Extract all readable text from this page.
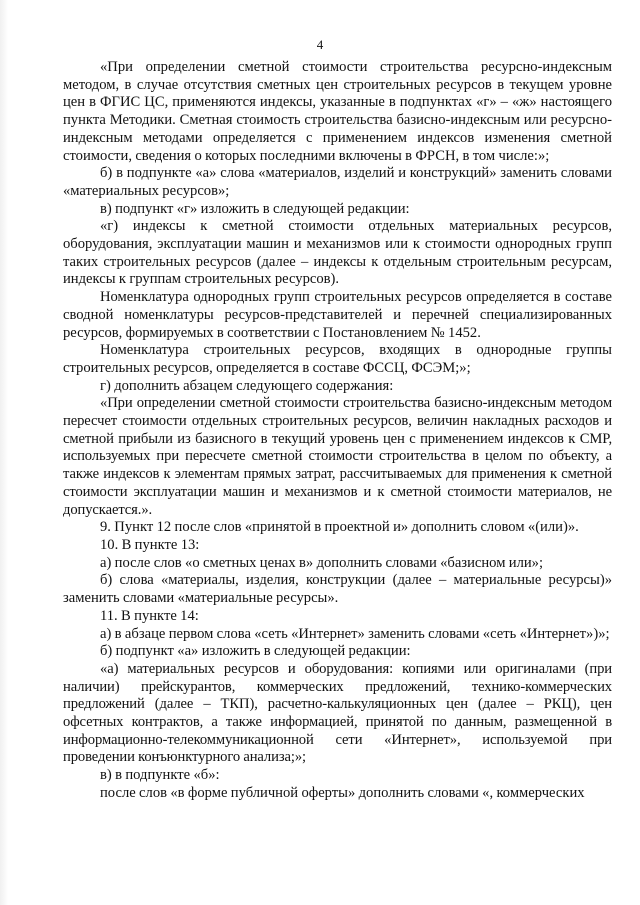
4

«При определении сметной стоимости строительства ресурсно-индексным методом, в случае отсутствия сметных цен строительных ресурсов в текущем уровне цен в ФГИС ЦС, применяются индексы, указанные в подпунктах «г» – «ж» настоящего пункта Методики. Сметная стоимость строительства базисно-индексным или ресурсно-индексным методами определяется с применением индексов изменения сметной стоимости, сведения о которых последними включены в ФРСН, в том числе:»;

б) в подпункте «а» слова «материалов, изделий и конструкций» заменить словами «материальных ресурсов»;

в) подпункт «г» изложить в следующей редакции:

«г) индексы к сметной стоимости отдельных материальных ресурсов, оборудования, эксплуатации машин и механизмов или к стоимости однородных групп таких строительных ресурсов (далее – индексы к отдельным строительным ресурсам, индексы к группам строительных ресурсов).

Номенклатура однородных групп строительных ресурсов определяется в составе сводной номенклатуры ресурсов-представителей и перечней специализированных ресурсов, формируемых в соответствии с Постановлением № 1452.

Номенклатура строительных ресурсов, входящих в однородные группы строительных ресурсов, определяется в составе ФССЦ, ФСЭМ;»;

г) дополнить абзацем следующего содержания:

«При определении сметной стоимости строительства базисно-индексным методом пересчет стоимости отдельных строительных ресурсов, величин накладных расходов и сметной прибыли из базисного в текущий уровень цен с применением индексов к СМР, используемых при пересчете сметной стоимости строительства в целом по объекту, а также индексов к элементам прямых затрат, рассчитываемых для применения к сметной стоимости эксплуатации машин и механизмов и к сметной стоимости материалов, не допускается.».

9. Пункт 12 после слов «принятой в проектной и» дополнить словом «(или)».

10. В пункте 13:

а) после слов «о сметных ценах в» дополнить словами «базисном или»;

б) слова «материалы, изделия, конструкции (далее – материальные ресурсы)» заменить словами «материальные ресурсы».

11. В пункте 14:

а) в абзаце первом слова «сеть «Интернет» заменить словами «сеть «Интернет»)»;

б) подпункт «а» изложить в следующей редакции:

«а) материальных ресурсов и оборудования: копиями или оригиналами (при наличии) прейскурантов, коммерческих предложений, технико-коммерческих предложений (далее – ТКП), расчетно-калькуляционных цен (далее – РКЦ), цен офсетных контрактов, а также информацией, принятой по данным, размещенной в информационно-телекоммуникационной сети «Интернет», используемой при проведении конъюнктурного анализа;»;

в) в подпункте «б»:

после слов «в форме публичной оферты» дополнить словами «, коммерческих
